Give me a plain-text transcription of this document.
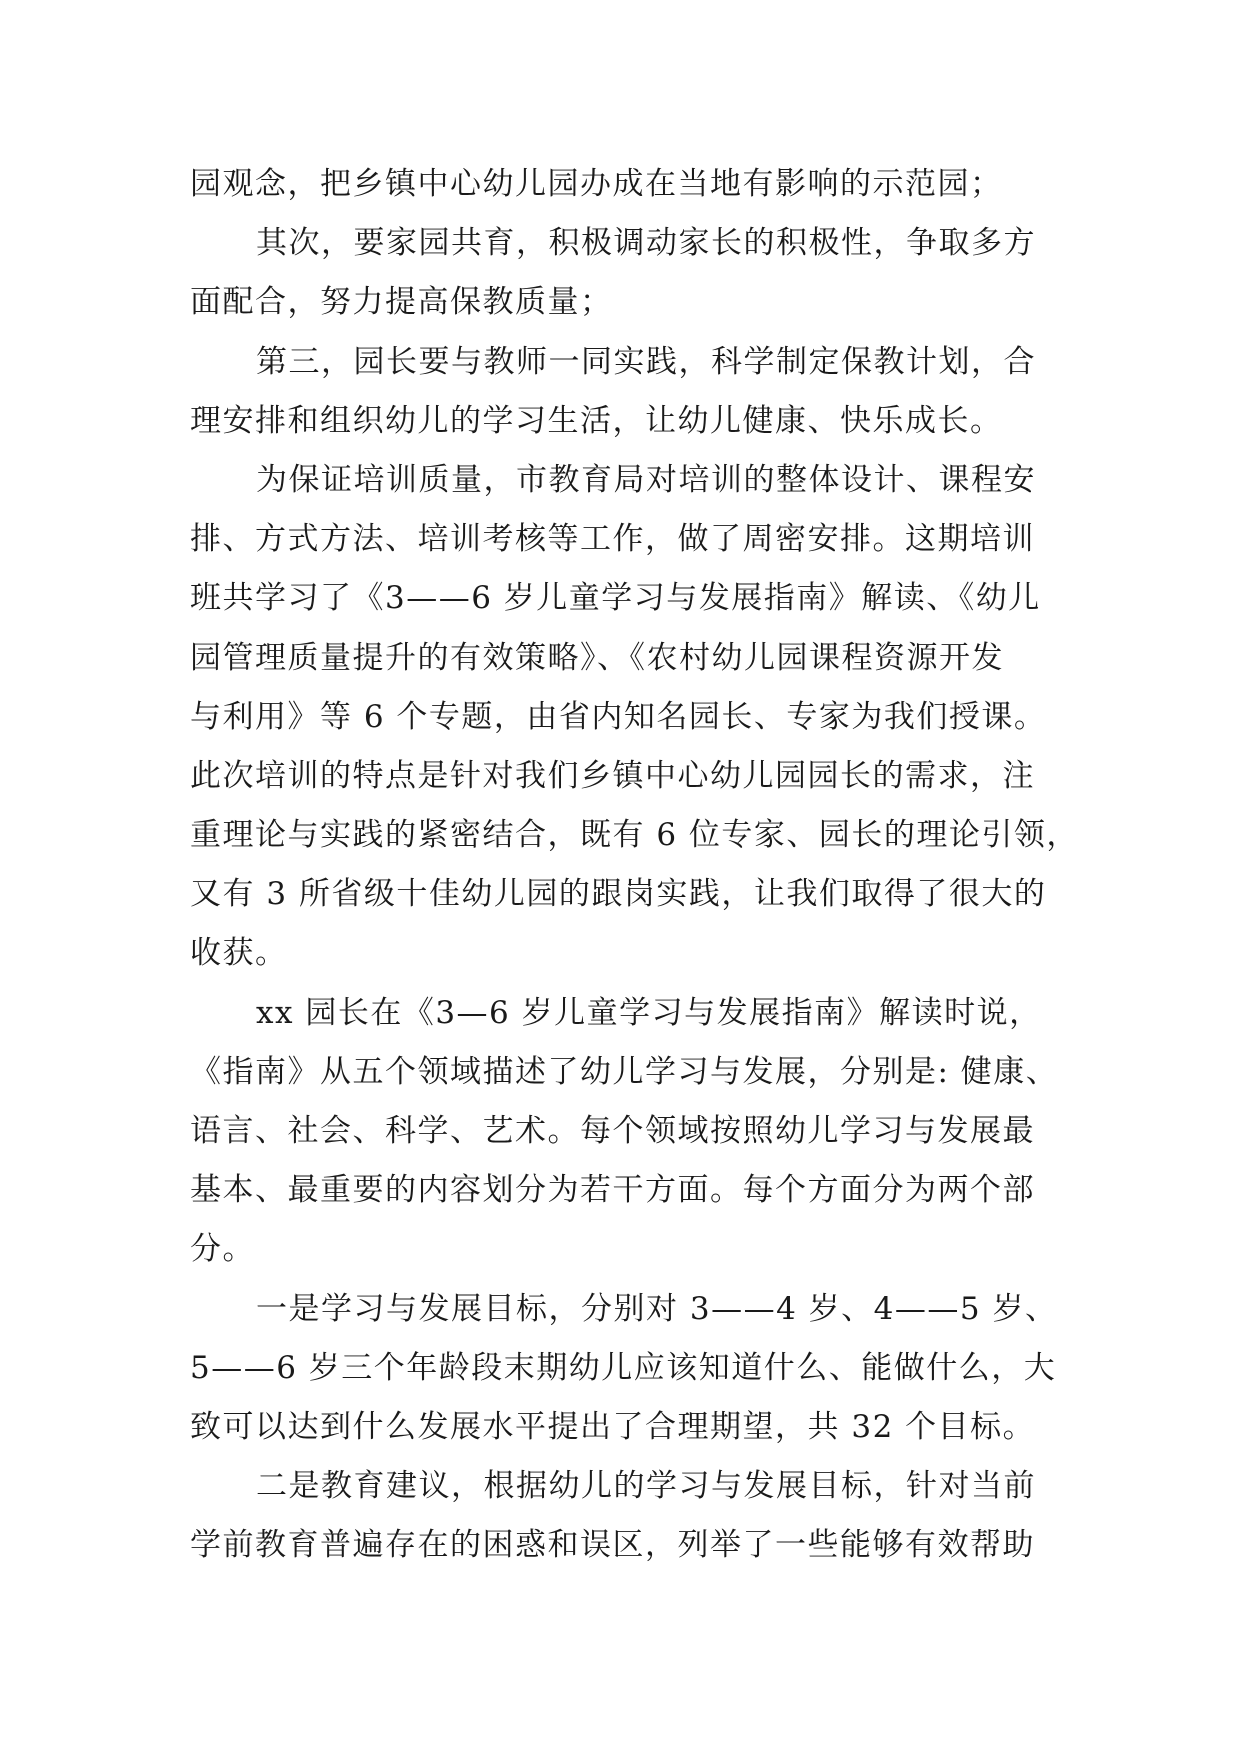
园观念，把乡镇中心幼儿园办成在当地有影响的示范园；
其次，要家园共育，积极调动家长的积极性，争取多方
面配合，努力提高保教质量；
第三，园长要与教师一同实践，科学制定保教计划，合
理安排和组织幼儿的学习生活，让幼儿健康、快乐成长。
为保证培训质量，市教育局对培训的整体设计、课程安
排、方式方法、培训考核等工作，做了周密安排。这期培训
班共学习了《3——6 岁儿童学习与发展指南》解读、《幼儿
园管理质量提升的有效策略》、《农村幼儿园课程资源开发
与利用》等 6 个专题，由省内知名园长、专家为我们授课。
此次培训的特点是针对我们乡镇中心幼儿园园长的需求，注
重理论与实践的紧密结合，既有 6 位专家、园长的理论引领，
又有 3 所省级十佳幼儿园的跟岗实践，让我们取得了很大的
收获。
xx 园长在《3—6 岁儿童学习与发展指南》解读时说，
《指南》从五个领域描述了幼儿学习与发展，分别是: 健康、
语言、社会、科学、艺术。每个领域按照幼儿学习与发展最
基本、最重要的内容划分为若干方面。每个方面分为两个部
分。
一是学习与发展目标，分别对 3——4 岁、4——5 岁、
5——6 岁三个年龄段末期幼儿应该知道什么、能做什么，大
致可以达到什么发展水平提出了合理期望，共 32 个目标。
二是教育建议，根据幼儿的学习与发展目标，针对当前
学前教育普遍存在的困惑和误区，列举了一些能够有效帮助
